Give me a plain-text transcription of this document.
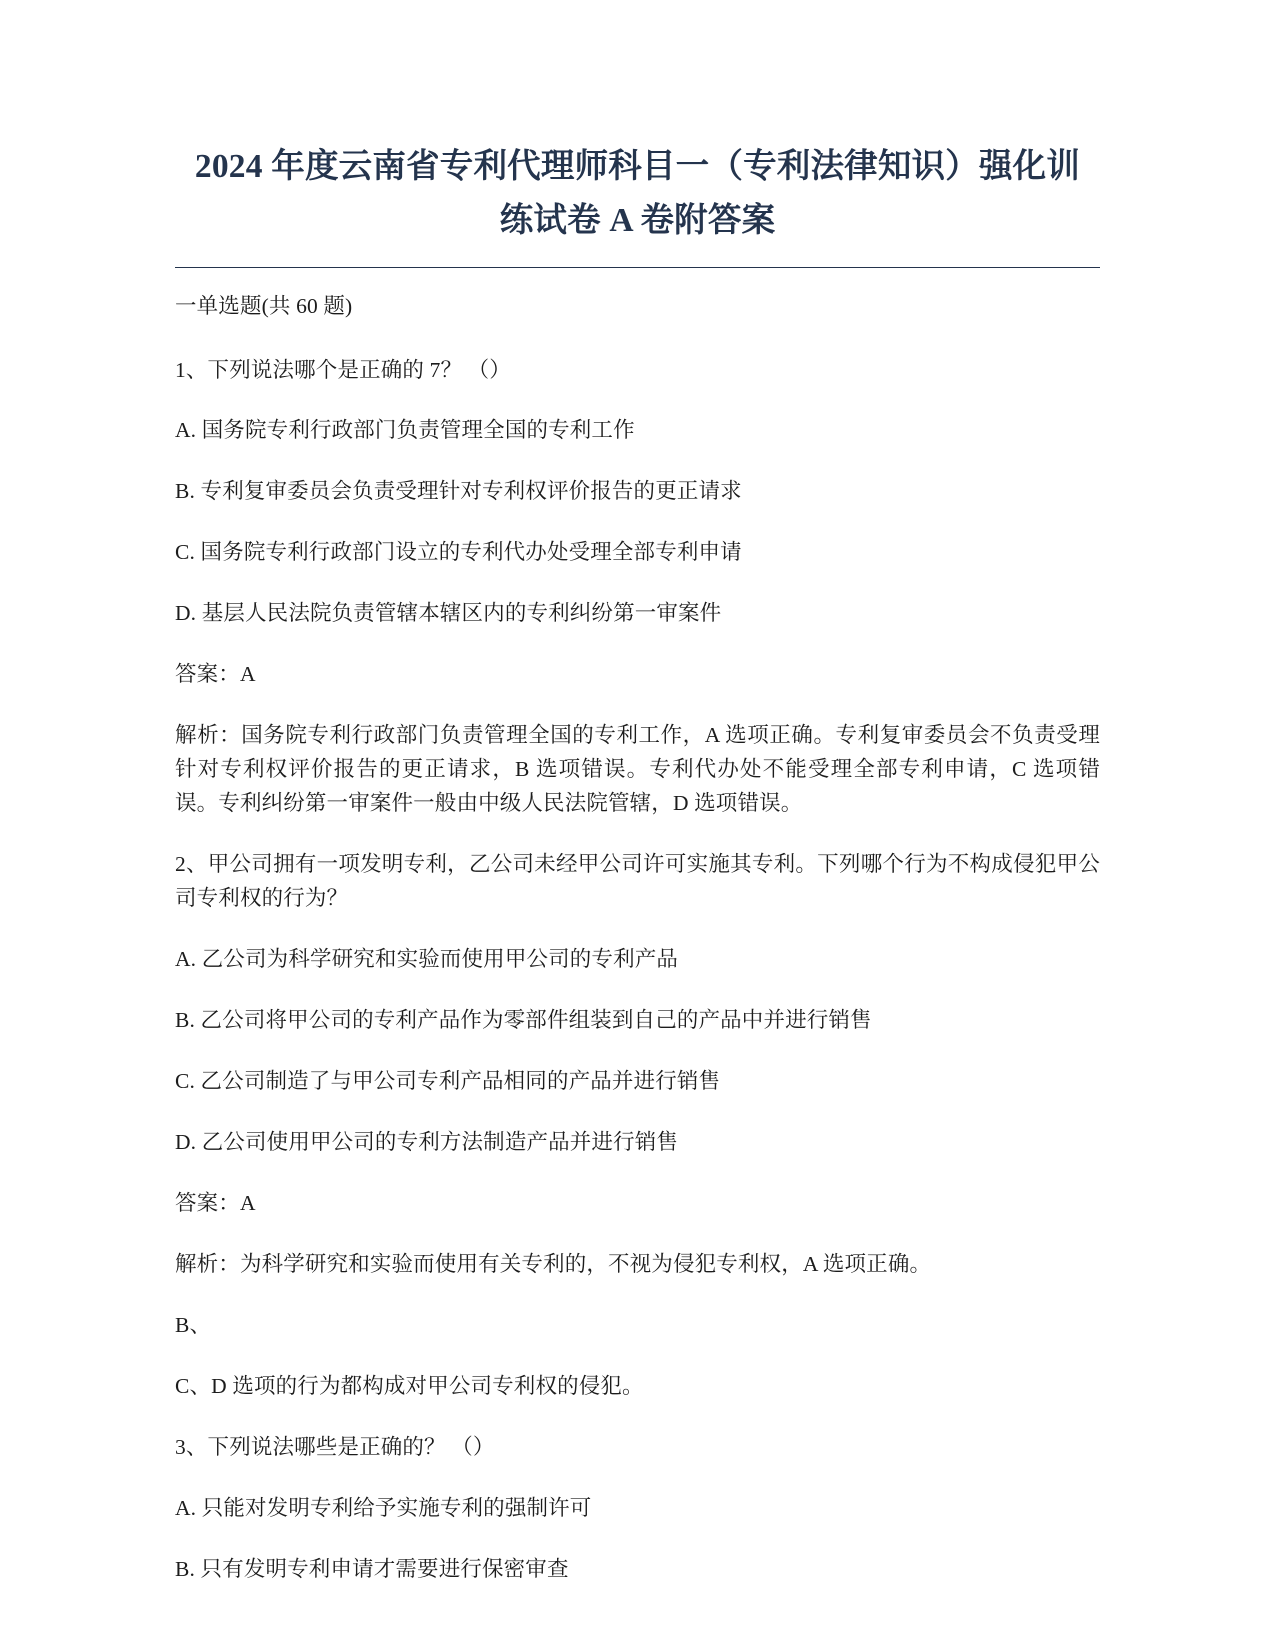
2024 年度云南省专利代理师科目一（专利法律知识）强化训练试卷 A 卷附答案

一单选题(共 60 题)

1、下列说法哪个是正确的 7？ （）

A. 国务院专利行政部门负责管理全国的专利工作

B. 专利复审委员会负责受理针对专利权评价报告的更正请求

C. 国务院专利行政部门设立的专利代办处受理全部专利申请

D. 基层人民法院负责管辖本辖区内的专利纠纷第一审案件

答案：A

解析：国务院专利行政部门负责管理全国的专利工作，A 选项正确。专利复审委员会不负责受理针对专利权评价报告的更正请求，B 选项错误。专利代办处不能受理全部专利申请，C 选项错误。专利纠纷第一审案件一般由中级人民法院管辖，D 选项错误。

2、甲公司拥有一项发明专利，乙公司未经甲公司许可实施其专利。下列哪个行为不构成侵犯甲公司专利权的行为？

A. 乙公司为科学研究和实验而使用甲公司的专利产品

B. 乙公司将甲公司的专利产品作为零部件组装到自己的产品中并进行销售

C. 乙公司制造了与甲公司专利产品相同的产品并进行销售

D. 乙公司使用甲公司的专利方法制造产品并进行销售

答案：A

解析：为科学研究和实验而使用有关专利的，不视为侵犯专利权，A 选项正确。

B、

C、D 选项的行为都构成对甲公司专利权的侵犯。

3、下列说法哪些是正确的？ （）

A. 只能对发明专利给予实施专利的强制许可

B. 只有发明专利申请才需要进行保密审查
